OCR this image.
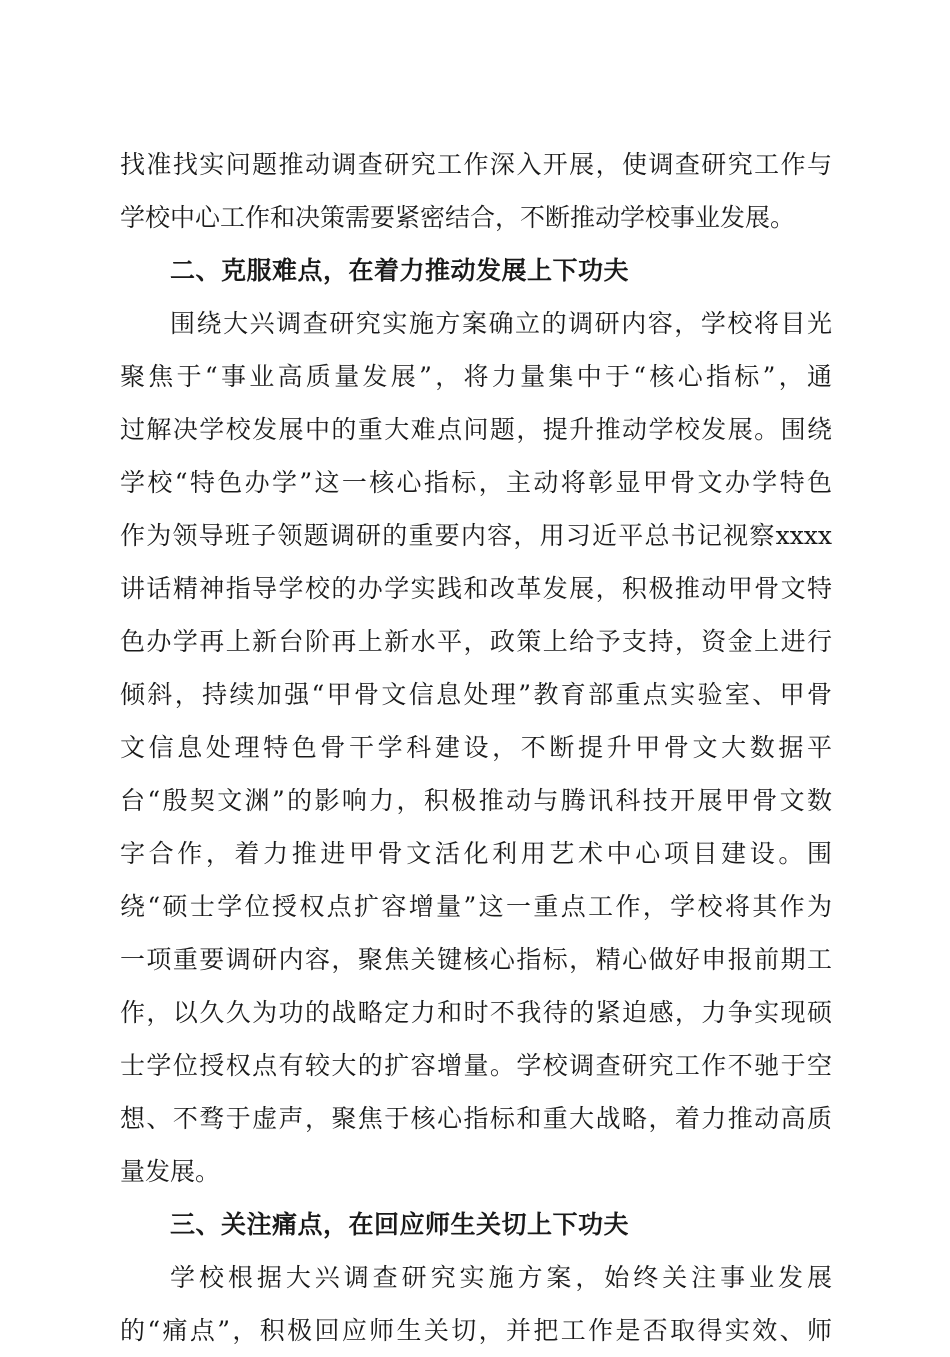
找准找实问题推动调查研究工作深入开展，使调查研究工作与
学校中心工作和决策需要紧密结合，不断推动学校事业发展。
二、克服难点，在着力推动发展上下功夫
围绕大兴调查研究实施方案确立的调研内容，学校将目光
聚焦于“事业高质量发展”，将力量集中于“核心指标”，通
过解决学校发展中的重大难点问题，提升推动学校发展。围绕
学校“特色办学”这一核心指标，主动将彰显甲骨文办学特色
作为领导班子领题调研的重要内容，用习近平总书记视察xxxx
讲话精神指导学校的办学实践和改革发展，积极推动甲骨文特
色办学再上新台阶再上新水平，政策上给予支持，资金上进行
倾斜，持续加强“甲骨文信息处理”教育部重点实验室、甲骨
文信息处理特色骨干学科建设，不断提升甲骨文大数据平
台“殷契文渊”的影响力，积极推动与腾讯科技开展甲骨文数
字合作，着力推进甲骨文活化利用艺术中心项目建设。围
绕“硕士学位授权点扩容增量”这一重点工作，学校将其作为
一项重要调研内容，聚焦关键核心指标，精心做好申报前期工
作，以久久为功的战略定力和时不我待的紧迫感，力争实现硕
士学位授权点有较大的扩容增量。学校调查研究工作不驰于空
想、不骛于虚声，聚焦于核心指标和重大战略，着力推动高质
量发展。
三、关注痛点，在回应师生关切上下功夫
学校根据大兴调查研究实施方案，始终关注事业发展
的“痛点”，积极回应师生关切，并把工作是否取得实效、师
